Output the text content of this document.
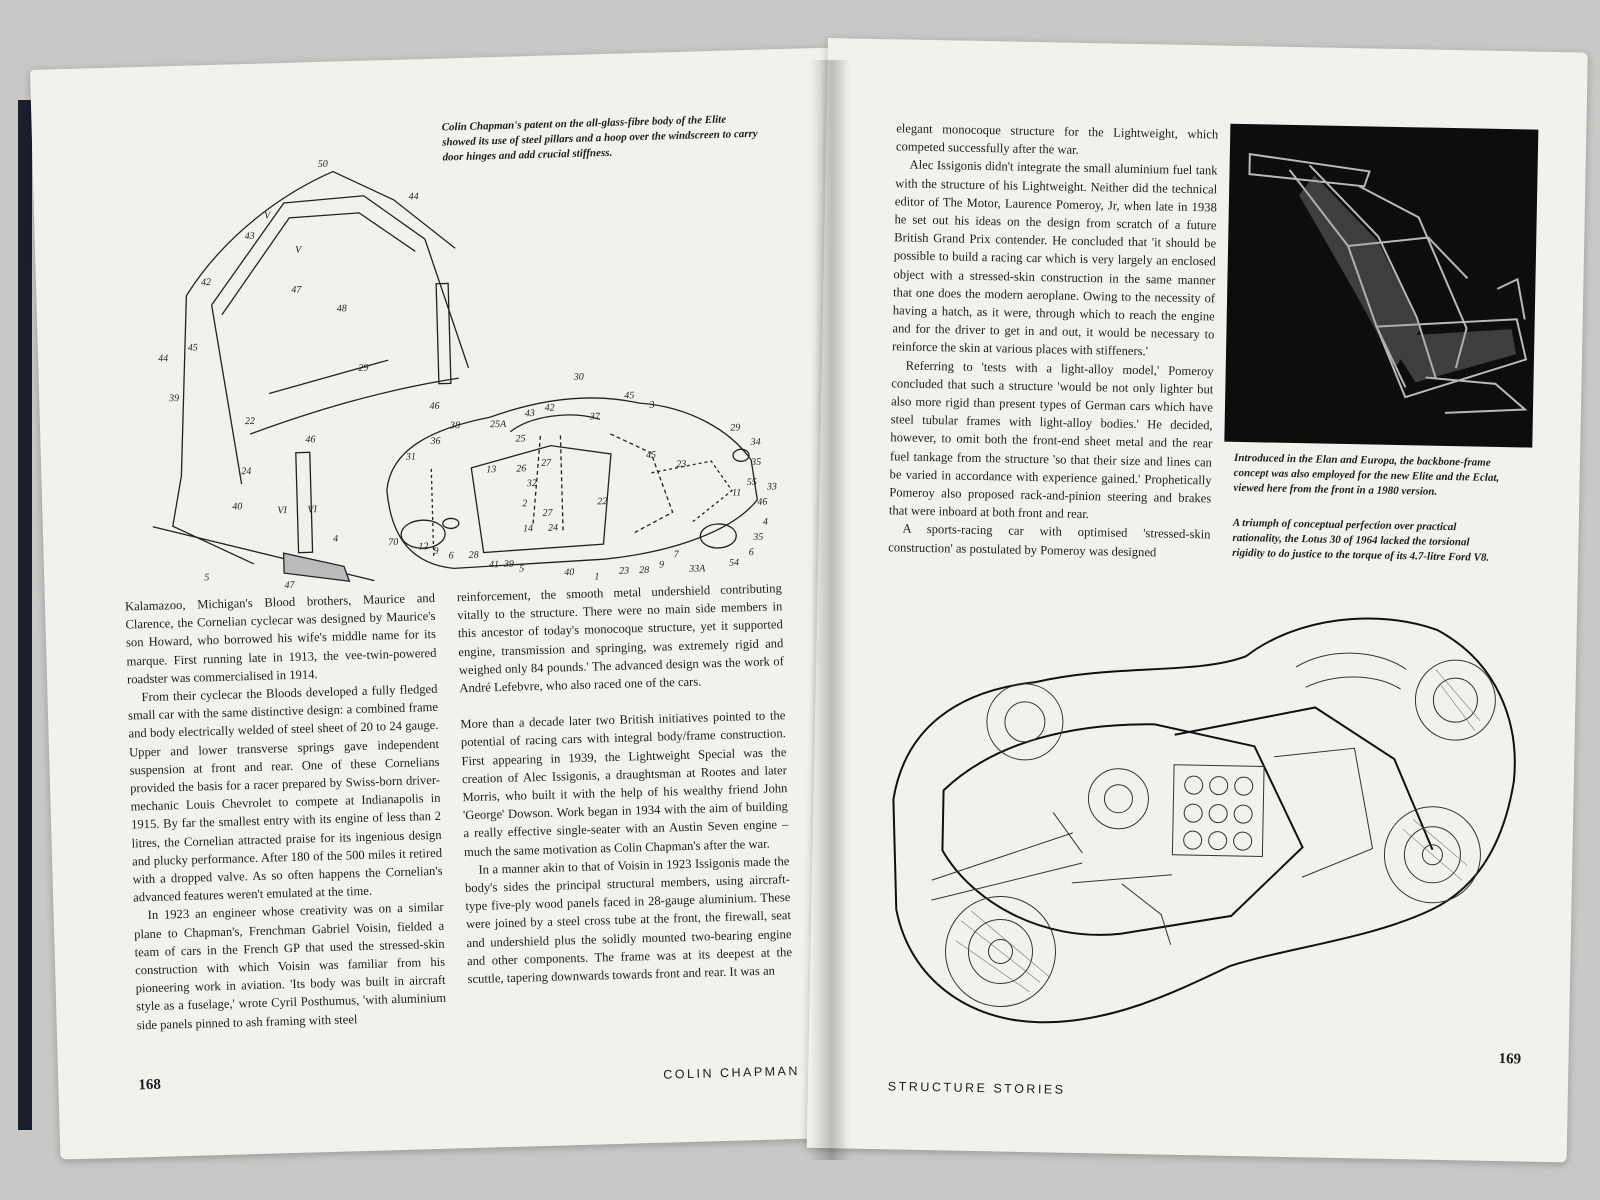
Colin Chapman's patent on the all-glass-fibre body of the Elite showed its use of steel pillars and a hoop over the windscreen to carry door hinges and add crucial stiffness.
50
44
V
V
43
47
42
48
45
44
29
46
39
22
24
46
40	VI VI
4
5
47
30
45
42
43	37
38	25A
25
36
31
3
29
34
35
13 26
27
45
23
32
2
27
22
55
14 24
46
70 12 9 6 28
41 39 5	40 1
23 28 9
7
33A
54
6
35
4
11
33

Kalamazoo, Michigan's Blood brothers, Maurice and Clarence, the Cornelian cyclecar was designed by Maurice's son Howard, who borrowed his wife's middle name for its marque. First running late in 1913, the vee-twin-powered roadster was commercialised in 1914.

From their cyclecar the Bloods developed a fully fledged small car with the same distinctive design: a combined frame and body electrically welded of steel sheet of 20 to 24 gauge. Upper and lower transverse springs gave independent suspension at front and rear. One of these Cornelians provided the basis for a racer prepared by Swiss-born driver-mechanic Louis Chevrolet to compete at Indianapolis in 1915. By far the smallest entry with its engine of less than 2 litres, the Cornelian attracted praise for its ingenious design and plucky performance. After 180 of the 500 miles it retired with a dropped valve. As so often happens the Cornelian's advanced features weren't emulated at the time.

In 1923 an engineer whose creativity was on a similar plane to Chapman's, Frenchman Gabriel Voisin, fielded a team of cars in the French GP that used the stressed-skin construction with which Voisin was familiar from his pioneering work in aviation. 'Its body was built in aircraft style as a fuselage,' wrote Cyril Posthumus, 'with aluminium side panels pinned to ash framing with steel

reinforcement, the smooth metal undershield contributing vitally to the structure. There were no main side members in this ancestor of today's monocoque structure, yet it supported engine, transmission and springing, was extremely rigid and weighed only 84 pounds.' The advanced design was the work of André Lefebvre, who also raced one of the cars.

More than a decade later two British initiatives pointed to the potential of racing cars with integral body/frame construction. First appearing in 1939, the Lightweight Special was the creation of Alec Issigonis, a draughtsman at Rootes and later Morris, who built it with the help of his wealthy friend John 'George' Dowson. Work began in 1934 with the aim of building a really effective single-seater with an Austin Seven engine – much the same motivation as Colin Chapman's after the war.

In a manner akin to that of Voisin in 1923 Issigonis made the body's sides the principal structural members, using aircraft-type five-ply wood panels faced in 28-gauge aluminium. These were joined by a steel cross tube at the front, the firewall, seat and undershield plus the solidly mounted two-bearing engine and other components. The frame was at its deepest at the scuttle, tapering downwards towards front and rear. It was an

168
COLIN CHAPMAN

elegant monocoque structure for the Lightweight, which competed successfully after the war.

Alec Issigonis didn't integrate the small aluminium fuel tank with the structure of his Lightweight. Neither did the technical editor of The Motor, Laurence Pomeroy, Jr, when late in 1938 he set out his ideas on the design from scratch of a future British Grand Prix contender. He concluded that 'it should be possible to build a racing car which is very largely an enclosed object with a stressed-skin construction in the same manner that one does the modern aeroplane. Owing to the necessity of having a hatch, as it were, through which to reach the engine and for the driver to get in and out, it would be necessary to reinforce the skin at various places with stiffeners.'

Referring to 'tests with a light-alloy model,' Pomeroy concluded that such a structure 'would be not only lighter but also more rigid than present types of German cars which have steel tubular frames with light-alloy bodies.' He decided, however, to omit both the front-end sheet metal and the rear fuel tankage from the structure 'so that their size and lines can be varied in accordance with experience gained.' Prophetically Pomeroy also proposed rack-and-pinion steering and brakes that were inboard at both front and rear.

A sports-racing car with optimised 'stressed-skin construction' as postulated by Pomeroy was designed

Introduced in the Elan and Europa, the backbone-frame concept was also employed for the new Elite and the Eclat, viewed here from the front in a 1980 version.
A triumph of conceptual perfection over practical rationality, the Lotus 30 of 1964 lacked the torsional rigidity to do justice to the torque of its 4.7-litre Ford V8.
169
STRUCTURE STORIES
